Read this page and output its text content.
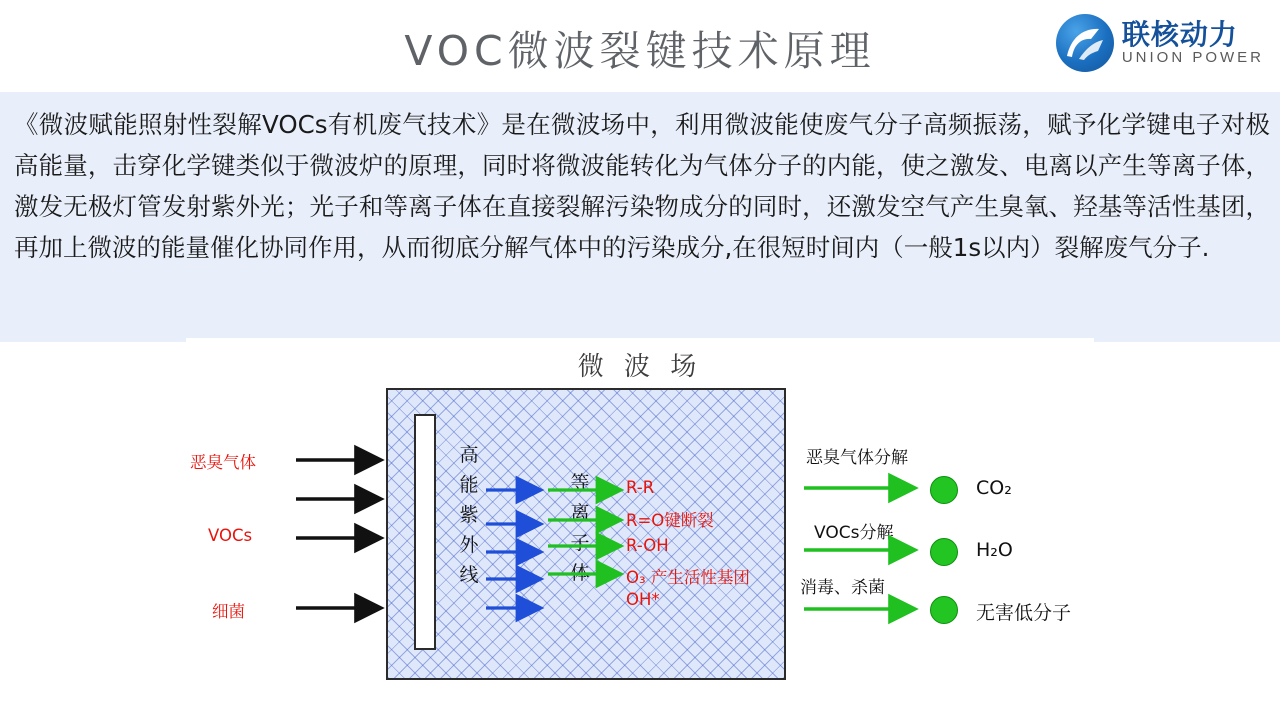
VOC微波裂键技术原理	联核动力
UNION POWER
《微波赋能照射性裂解VOCs有机废气技术》是在微波场中，利用微波能使废气分子高频振荡，赋予化学键电子对极高能量，击穿化学键类似于微波炉的原理，同时将微波能转化为气体分子的内能，使之激发、电离以产生等离子体，激发无极灯管发射紫外光；光子和等离子体在直接裂解污染物成分的同时，还激发空气产生臭氧、羟基等活性基团，再加上微波的能量催化协同作用，从而彻底分解气体中的污染成分,在很短时间内（一般1s以内）裂解废气分子.
微 波 场
恶臭气体
VOCs
细菌
高
能
紫
外
线
等
离
子
体
R-R
R=O键断裂
R-OH
O₃ 产生活性基团
OH*
恶臭气体分解
VOCs分解
消毒、杀菌
CO₂
H₂O
无害低分子
